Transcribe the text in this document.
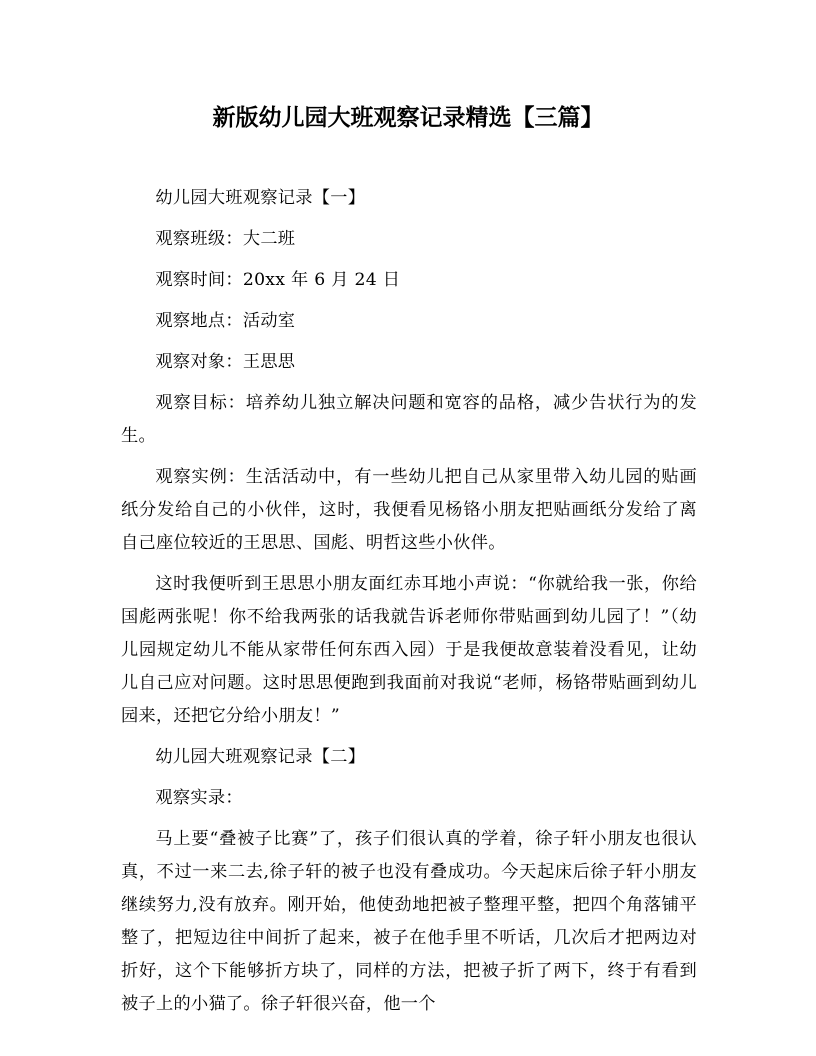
新版幼儿园大班观察记录精选【三篇】

幼儿园大班观察记录【一】

观察班级：大二班

观察时间：20xx 年 6 月 24 日

观察地点：活动室

观察对象：王思思

观察目标：培养幼儿独立解决问题和宽容的品格，减少告状行为的发生。

观察实例：生活活动中，有一些幼儿把自己从家里带入幼儿园的贴画纸分发给自己的小伙伴，这时，我便看见杨铬小朋友把贴画纸分发给了离自己座位较近的王思思、国彪、明哲这些小伙伴。

这时我便听到王思思小朋友面红赤耳地小声说：“你就给我一张，你给国彪两张呢！你不给我两张的话我就告诉老师你带贴画到幼儿园了！”（幼儿园规定幼儿不能从家带任何东西入园）于是我便故意装着没看见，让幼儿自己应对问题。这时思思便跑到我面前对我说“老师，杨铬带贴画到幼儿园来，还把它分给小朋友！”

幼儿园大班观察记录【二】

观察实录：

马上要“叠被子比赛”了，孩子们很认真的学着，徐子轩小朋友也很认真，不过一来二去,徐子轩的被子也没有叠成功。今天起床后徐子轩小朋友继续努力,没有放弃。刚开始，他使劲地把被子整理平整，把四个角落铺平整了，把短边往中间折了起来，被子在他手里不听话，几次后才把两边对折好，这个下能够折方块了，同样的方法，把被子折了两下，终于有看到被子上的小猫了。徐子轩很兴奋，他一个
